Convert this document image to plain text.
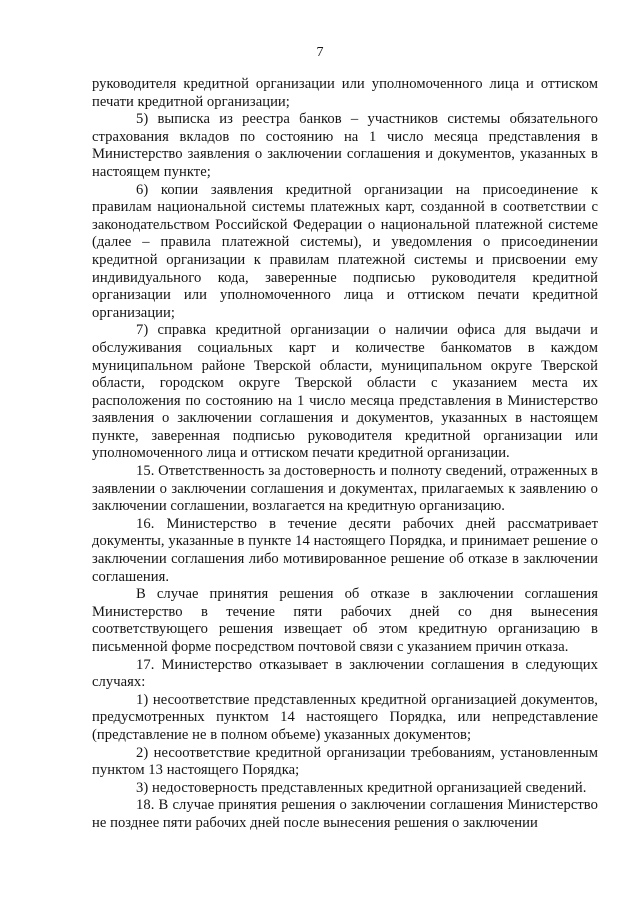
7

руководителя кредитной организации или уполномоченного лица и оттиском печати кредитной организации;

5) выписка из реестра банков – участников системы обязательного страхования вкладов по состоянию на 1 число месяца представления в Министерство заявления о заключении соглашения и документов, указанных в настоящем пункте;

6) копии заявления кредитной организации на присоединение к правилам национальной системы платежных карт, созданной в соответствии с законодательством Российской Федерации о национальной платежной системе (далее – правила платежной системы), и уведомления о присоединении кредитной организации к правилам платежной системы и присвоении ему индивидуального кода, заверенные подписью руководителя кредитной организации или уполномоченного лица и оттиском печати кредитной организации;

7) справка кредитной организации о наличии офиса для выдачи и обслуживания социальных карт и количестве банкоматов в каждом муниципальном районе Тверской области, муниципальном округе Тверской области, городском округе Тверской области с указанием места их расположения по состоянию на 1 число месяца представления в Министерство заявления о заключении соглашения и документов, указанных в настоящем пункте, заверенная подписью руководителя кредитной организации или уполномоченного лица и оттиском печати кредитной организации.

15. Ответственность за достоверность и полноту сведений, отраженных в заявлении о заключении соглашения и документах, прилагаемых к заявлению о заключении соглашении, возлагается на кредитную организацию.

16. Министерство в течение десяти рабочих дней рассматривает документы, указанные в пункте 14 настоящего Порядка, и принимает решение о заключении соглашения либо мотивированное решение об отказе в заключении соглашения.

В случае принятия решения об отказе в заключении соглашения Министерство в течение пяти рабочих дней со дня вынесения соответствующего решения извещает об этом кредитную организацию в письменной форме посредством почтовой связи с указанием причин отказа.

17. Министерство отказывает в заключении соглашения в следующих случаях:

1) несоответствие представленных кредитной организацией документов, предусмотренных пунктом 14 настоящего Порядка, или непредставление (представление не в полном объеме) указанных документов;

2) несоответствие кредитной организации требованиям, установленным пунктом 13 настоящего Порядка;

3) недостоверность представленных кредитной организацией сведений.

18. В случае принятия решения о заключении соглашения Министерство не позднее пяти рабочих дней после вынесения решения о заключении
